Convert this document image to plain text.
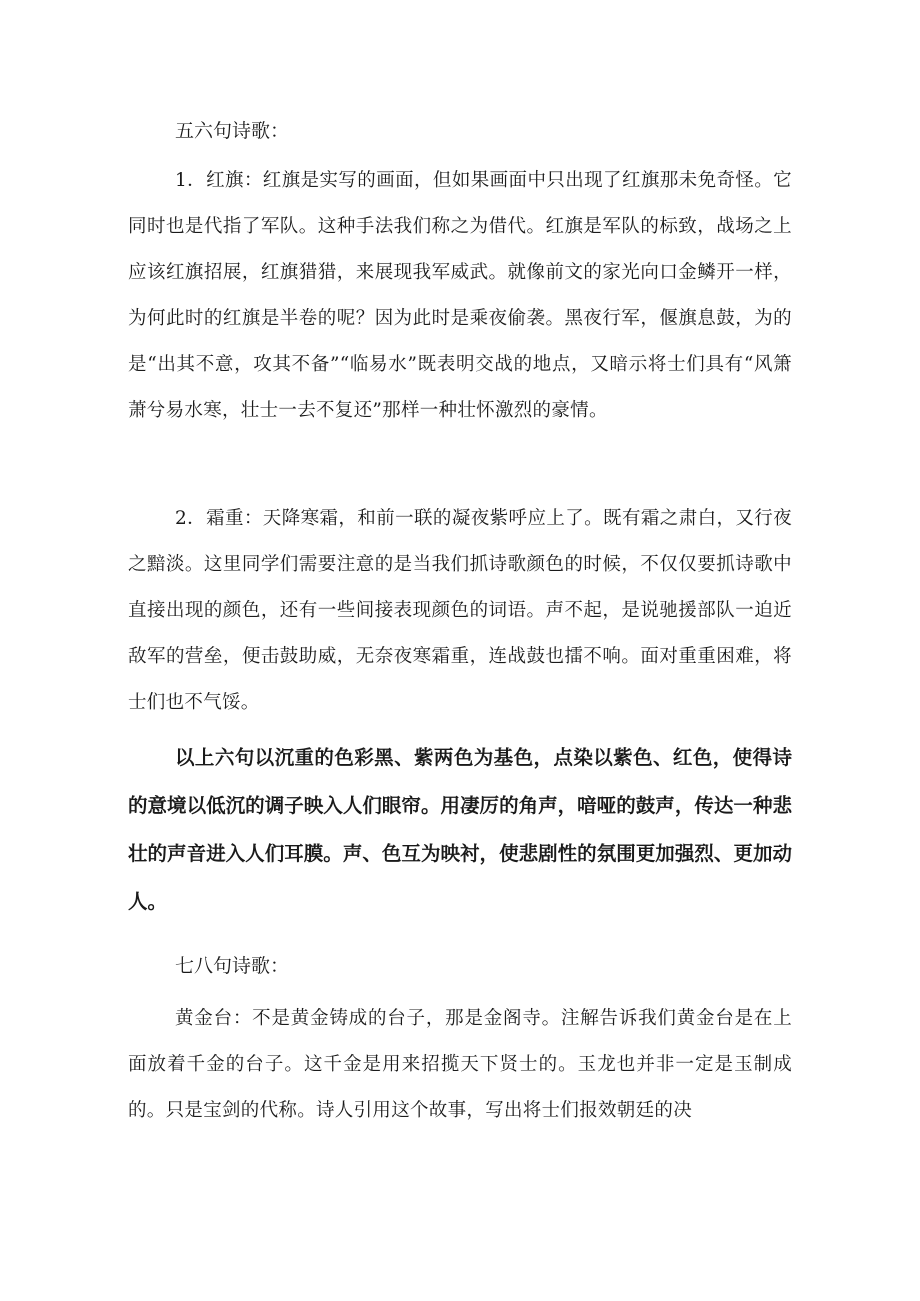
五六句诗歌：

1．红旗：红旗是实写的画面，但如果画面中只出现了红旗那未免奇怪。它同时也是代指了军队。这种手法我们称之为借代。红旗是军队的标致，战场之上应该红旗招展，红旗猎猎，来展现我军威武。就像前文的家光向口金鳞开一样，为何此时的红旗是半卷的呢？因为此时是乘夜偷袭。黑夜行军，偃旗息鼓，为的是“出其不意，攻其不备”“临易水”既表明交战的地点，又暗示将士们具有“风箫萧兮易水寒，壮士一去不复还”那样一种壮怀激烈的豪情。

2．霜重：天降寒霜，和前一联的凝夜紫呼应上了。既有霜之肃白，又行夜之黯淡。这里同学们需要注意的是当我们抓诗歌颜色的时候，不仅仅要抓诗歌中直接出现的颜色，还有一些间接表现颜色的词语。声不起，是说驰援部队一迫近敌军的营垒，便击鼓助威，无奈夜寒霜重，连战鼓也擂不响。面对重重困难，将士们也不气馁。

以上六句以沉重的色彩黑、紫两色为基色，点染以紫色、红色，使得诗的意境以低沉的调子映入人们眼帘。用凄厉的角声，喑哑的鼓声，传达一种悲壮的声音进入人们耳膜。声、色互为映衬，使悲剧性的氛围更加强烈、更加动人。

七八句诗歌：

黄金台：不是黄金铸成的台子，那是金阁寺。注解告诉我们黄金台是在上面放着千金的台子。这千金是用来招揽天下贤士的。玉龙也并非一定是玉制成的。只是宝剑的代称。诗人引用这个故事，写出将士们报效朝廷的决
